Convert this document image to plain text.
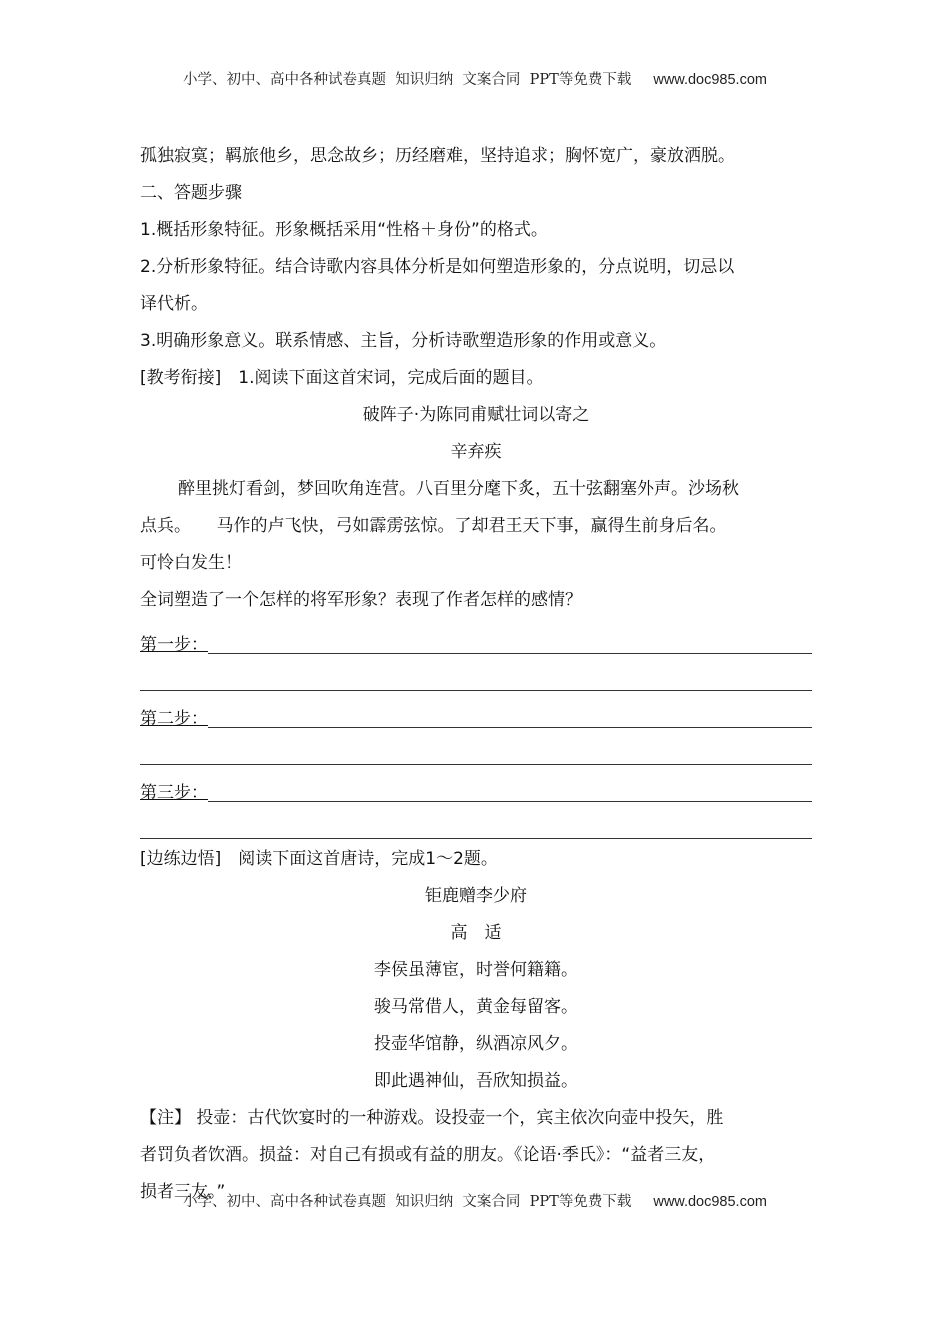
小学、初中、高中各种试卷真题  知识归纳  文案合同  PPT等免费下载 www.doc985.com
孤独寂寞；羁旅他乡，思念故乡；历经磨难，坚持追求；胸怀宽广，豪放洒脱。
二、答题步骤
1.概括形象特征。形象概括采用“性格＋身份”的格式。
2.分析形象特征。结合诗歌内容具体分析是如何塑造形象的，分点说明，切忌以
译代析。
3.明确形象意义。联系情感、主旨，分析诗歌塑造形象的作用或意义。
[教考衔接]　1.阅读下面这首宋词，完成后面的题目。
破阵子·为陈同甫赋壮词以寄之
辛弃疾
醉里挑灯看剑，梦回吹角连营。八百里分麾下炙，五十弦翻塞外声。沙场秋
点兵。　　马作的卢飞快，弓如霹雳弦惊。了却君王天下事，赢得生前身后名。
可怜白发生！
全词塑造了一个怎样的将军形象？表现了作者怎样的感情？
第一步：
第二步：
第三步：
[边练边悟]　阅读下面这首唐诗，完成1～2题。
钜鹿赠李少府
高　适
李侯虽薄宦，时誉何籍籍。
骏马常借人，黄金每留客。
投壶华馆静，纵酒凉风夕。
即此遇神仙，吾欣知损益。
【注】 投壶：古代饮宴时的一种游戏。设投壶一个，宾主依次向壶中投矢，胜
者罚负者饮酒。损益：对自己有损或有益的朋友。《论语·季氏》：“益者三友，
损者三友。”
小学、初中、高中各种试卷真题  知识归纳  文案合同  PPT等免费下载 www.doc985.com
